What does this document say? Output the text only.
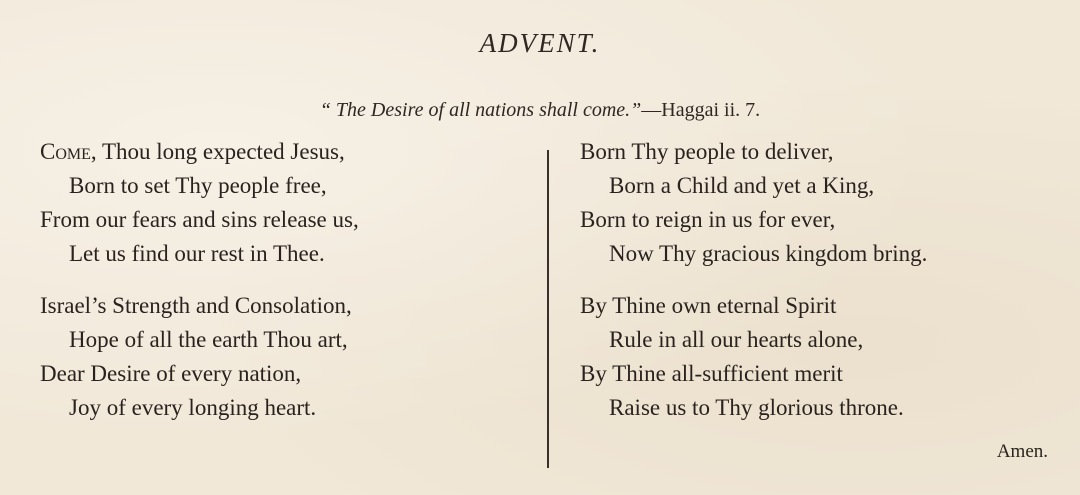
ADVENT.
“ The Desire of all nations shall come.”—Haggai ii. 7.
Come, Thou long expected Jesus,
Born to set Thy people free,
From our fears and sins release us,
Let us find our rest in Thee.
Israel’s Strength and Consolation,
Hope of all the earth Thou art,
Dear Desire of every nation,
Joy of every longing heart.
Born Thy people to deliver,
Born a Child and yet a King,
Born to reign in us for ever,
Now Thy gracious kingdom bring.
By Thine own eternal Spirit
Rule in all our hearts alone,
By Thine all-sufficient merit
Raise us to Thy glorious throne.
Amen.
